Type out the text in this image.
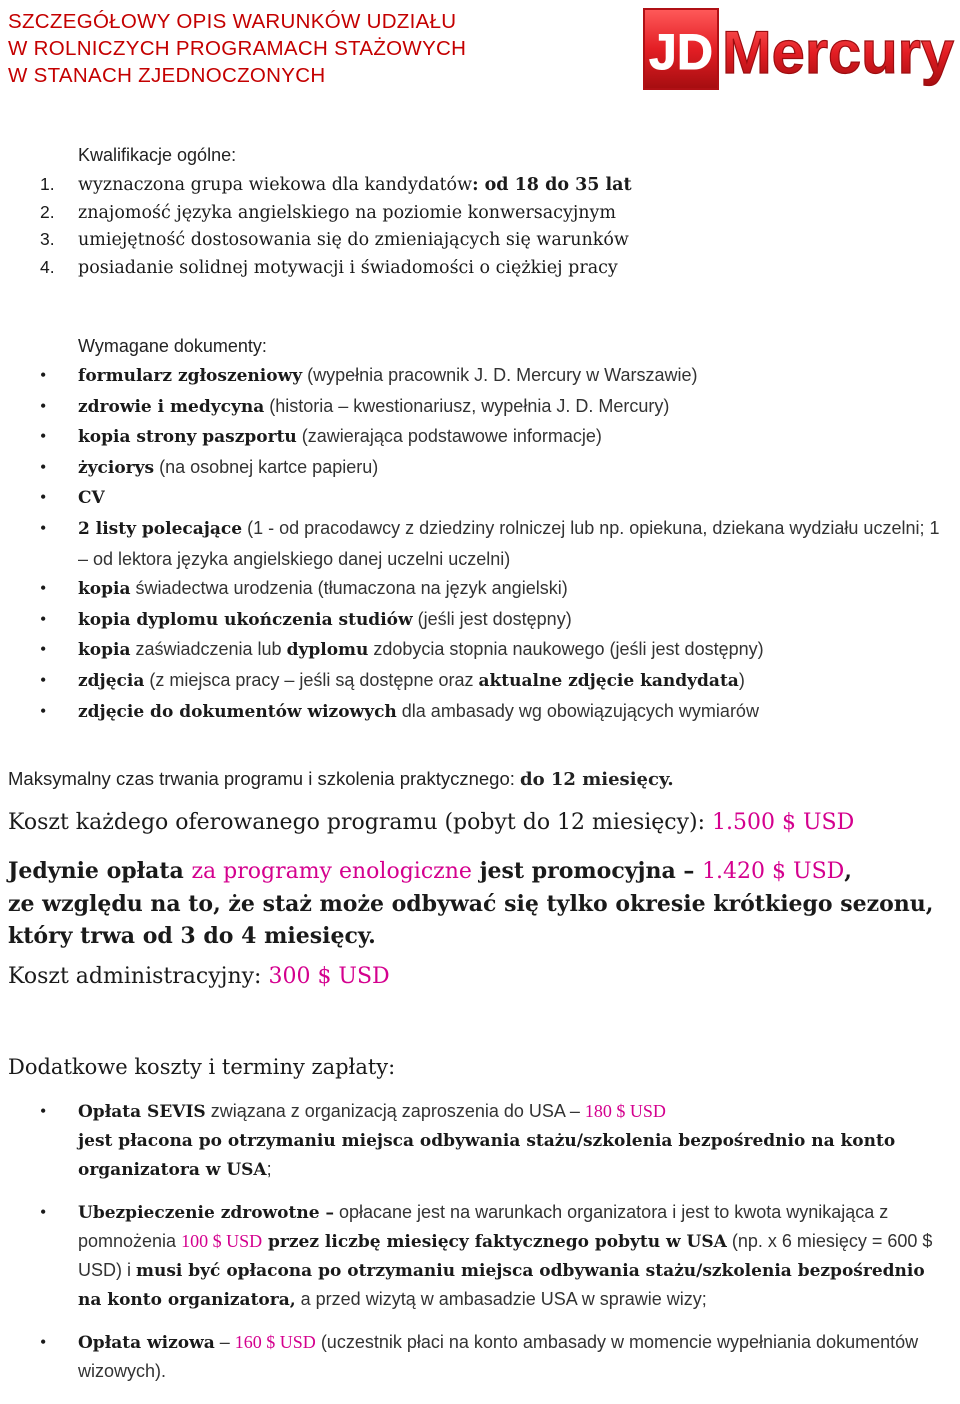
SZCZEGÓŁOWY OPIS WARUNKÓW UDZIAŁU
W ROLNICZYCH PROGRAMACH STAŻOWYCH
W STANACH ZJEDNOCZONYCH	JD Mercury
Kwalifikacje ogólne:
1. wyznaczona grupa wiekowa dla kandydatów: od 18 do 35 lat
2. znajomość języka angielskiego na poziomie konwersacyjnym
3. umiejętność dostosowania się do zmieniających się warunków
4. posiadanie solidnej motywacji i świadomości o ciężkiej pracy
Wymagane dokumenty:
•	formularz zgłoszeniowy (wypełnia pracownik J. D. Mercury w Warszawie)
•	zdrowie i medycyna (historia – kwestionariusz, wypełnia J. D. Mercury)
•	kopia strony paszportu (zawierająca podstawowe informacje)
•	życiorys (na osobnej kartce papieru)
•	CV
•	2 listy polecające (1 - od pracodawcy z dziedziny rolniczej lub np. opiekuna, dziekana wydziału uczelni; 1 – od lektora języka angielskiego danej uczelni uczelni)
•	kopia świadectwa urodzenia (tłumaczona na język angielski)
•	kopia dyplomu ukończenia studiów (jeśli jest dostępny)
•	kopia zaświadczenia lub dyplomu zdobycia stopnia naukowego (jeśli jest dostępny)
•	zdjęcia (z miejsca pracy – jeśli są dostępne oraz aktualne zdjęcie kandydata)
•	zdjęcie do dokumentów wizowych dla ambasady wg obowiązujących wymiarów
Maksymalny czas trwania programu i szkolenia praktycznego: do 12 miesięcy.
Koszt każdego oferowanego programu (pobyt do 12 miesięcy): 1.500 $ USD
Jedynie opłata za programy enologiczne jest promocyjna – 1.420 $ USD,
ze względu na to, że staż może odbywać się tylko okresie krótkiego sezonu,
który trwa od 3 do 4 miesięcy.
Koszt administracyjny: 300 $ USD
Dodatkowe koszty i terminy zapłaty:
• Opłata SEVIS związana z organizacją zaproszenia do USA – 180 $ USD
jest płacona po otrzymaniu miejsca odbywania stażu/szkolenia bezpośrednio na konto organizatora w USA;
• Ubezpieczenie zdrowotne – opłacane jest na warunkach organizatora i jest to kwota wynikająca z pomnożenia 100 $ USD przez liczbę miesięcy faktycznego pobytu w USA (np. x 6 miesięcy = 600 $ USD) i musi być opłacona po otrzymaniu miejsca odbywania stażu/szkolenia bezpośrednio na konto organizatora, a przed wizytą w ambasadzie USA w sprawie wizy;
• Opłata wizowa – 160 $ USD (uczestnik płaci na konto ambasady w momencie wypełniania dokumentów wizowych).
